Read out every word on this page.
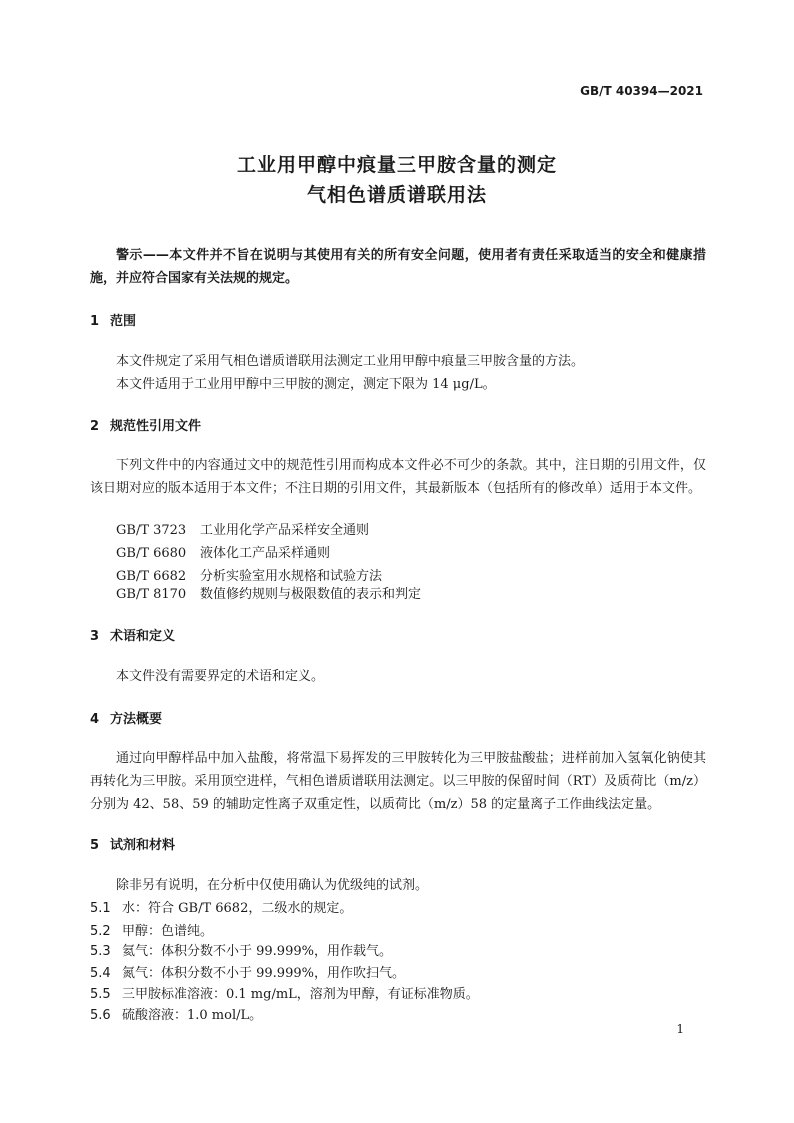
GB/T 40394—2021
工业用甲醇中痕量三甲胺含量的测定
气相色谱质谱联用法
警示——本文件并不旨在说明与其使用有关的所有安全问题，使用者有责任采取适当的安全和健康措施，并应符合国家有关法规的规定。
1 范围
本文件规定了采用气相色谱质谱联用法测定工业用甲醇中痕量三甲胺含量的方法。
本文件适用于工业用甲醇中三甲胺的测定，测定下限为 14 μg/L。
2 规范性引用文件
下列文件中的内容通过文中的规范性引用而构成本文件必不可少的条款。其中，注日期的引用文件，仅该日期对应的版本适用于本文件；不注日期的引用文件，其最新版本（包括所有的修改单）适用于本文件。
GB/T 3723 工业用化学产品采样安全通则
GB/T 6680 液体化工产品采样通则
GB/T 6682 分析实验室用水规格和试验方法
GB/T 8170 数值修约规则与极限数值的表示和判定
3 术语和定义
本文件没有需要界定的术语和定义。
4 方法概要
通过向甲醇样品中加入盐酸，将常温下易挥发的三甲胺转化为三甲胺盐酸盐；进样前加入氢氧化钠使其再转化为三甲胺。采用顶空进样，气相色谱质谱联用法测定。以三甲胺的保留时间（RT）及质荷比（m/z）分别为 42、58、59 的辅助定性离子双重定性，以质荷比（m/z）58 的定量离子工作曲线法定量。
5 试剂和材料
除非另有说明，在分析中仅使用确认为优级纯的试剂。
5.1 水：符合 GB/T 6682，二级水的规定。
5.2 甲醇：色谱纯。
5.3 氦气：体积分数不小于 99.999%，用作载气。
5.4 氮气：体积分数不小于 99.999%，用作吹扫气。
5.5 三甲胺标准溶液：0.1 mg/mL，溶剂为甲醇，有证标准物质。
5.6 硫酸溶液：1.0 mol/L。
1
